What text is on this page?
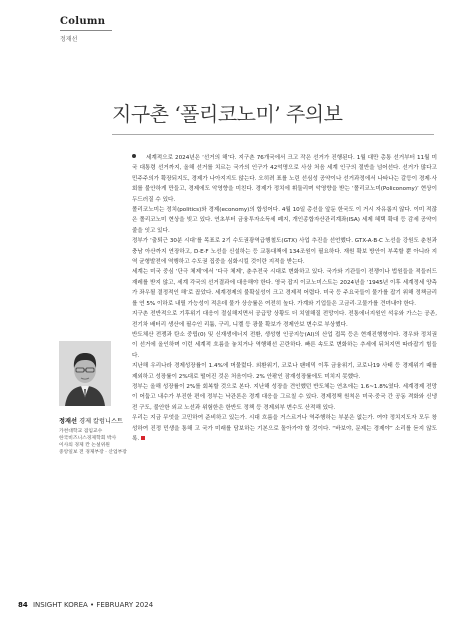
Column
정재선
지구촌 ‘폴리코노미’ 주의보

세계적으로 2024년은 ‘선거의 해’다. 지구촌 76개국에서 크고 작은 선거가 진행된다. 1월 대만 총통 선거부터 11월 미국 대통령 선거까지, 올해 선거를 치르는 국가의 인구가 42억명으로 사상 처음 세계 인구의 절반을 넘어선다. 선거가 많다고 민주주의가 확장되지도, 경제가 나아지지도 않는다. 오히려 표를 노린 선심성 공약이나 선거과정에서 나타나는 갈등이 경제·사회를 불안하게 만들고, 경제에도 악영향을 미친다. 경제가 정치에 휘둘리며 악영향을 받는 ‘폴리코노미(Policonomy)’ 현상이 두드러질 수 있다.

폴리코노미는 정치(politics)와 경제(economy)의 합성어다. 4월 10일 총선을 앞둔 한국도 이 거시 자유롭지 않다. 이미 적잖은 폴리코노미 현상을 빚고 있다. 연초부터 금융투자소득세 폐지, 개인종합자산관리계좌(ISA) 세제 혜택 확대 등 감세 공약이 줄을 잇고 있다.

정부가 ‘출퇴근 30분 시대’를 목표로 2기 수도권광역급행철도(GTX) 사업 추진을 선언했다. GTX-A·B·C 노선을 강원도 춘천과 충남 아산까지 연장하고, D·E·F 노선을 신설하는 등 교통대책에 134조원이 필요하다. 재원 확보 방안이 부족할 뿐 아니라 지역 균형발전에 역행하고 수도권 집중을 심화시킬 것이란 지적을 받는다.

세계는 미국 중심 ‘단극 체제’에서 ‘다극 체제’, 춘추전국 시대로 변화하고 있다. 국가와 기관들이 전쟁이나 법원들을 적들러드 재레를 받지 않고, 세계 각국의 선거결과에 대응해야 한다. 영국 잡지 이코노미스트는 2024년을 ‘1945년 이후 세계정세 양측가 좌우될 결정적인 해’로 꼽았다. 세계경제의 불확실성이 크고 경제적 어렵다. 미국 등 주요국들이 물가를 잡기 위해 정책금리를 연 5% 이하로 내릴 가능성이 적은데 물가 상승률은 여전히 높다. 가계와 기업들은 고금리·고물가를 견뎌내야 한다.

지구촌 전반적으로 기후위기 대응이 절실해지면서 공급망 상황도 더 치열해질 전망이다. 전통에너지원인 석유와 가스는 공존, 전기차 배터리 생산에 필수인 리튬, 구리, 니켈 등 광물 확보가 경제안보 변수로 부상했다.

반도체산 전쟁과 탄소 중립(0) 및 신재생에너지 전환, 생성형 인공지능(AI)의 산업 접목 등은 현재진행형이다. 경우와 정치권이 선거에 올인하며 이런 세계적 흐름을 놓치거나 역행해선 곤란하다. 빠른 속도로 변화하는 추세에 뒤처지면 따라잡기 힘들다.

지난해 우리나라 경제성장률이 1.4%에 머물렀다. 외환위기, 코로나 팬데믹 이후 금융위기, 코로나19 사태 등 경제위기 때를 제외하고 성장률이 2%대로 떨어진 것은 처음이다. 2% 안팎인 잠재성장률에도 미치지 못했다.

정부는 올해 성장률이 2%를 회복할 것으로 본다. 지난해 성장을 견인했던 반도체는 연초에는 1.6~1.8%였다. 세계경제 전망이 어둡고 내수가 부진한 편에 정부는 낙관론은 경계 대응을 그르칠 수 있다. 경제정책 원칙은 미국·중국 간 공동 격화와 신냉전 구도, 불안한 외교 노선과 위험한은 한반도 정책 등 경제외부 변수도 산적해 있다.

우리는 지금 무엇을 고민하여 준비하고 있는가. 시대 흐름을 거스르거나 역주행하는 부분은 없는가. 여야 정치지도자 모두 창성하여 진정 민생을 통해 고 국가 미래를 담보하는 기본으로 돌아가야 할 것이다. “바보야, 문제는 경제야” 소리를 듣지 않도록.

정재선 경제 칼럼니스트
가천대학교 겸임교수
한국비즈니스경제학회 박사
이사의 경제 칸 논설위원
중앙일보 전 경제부장 · 산업부장
84 INSIGHT KOREA • FEBRUARY 2024
